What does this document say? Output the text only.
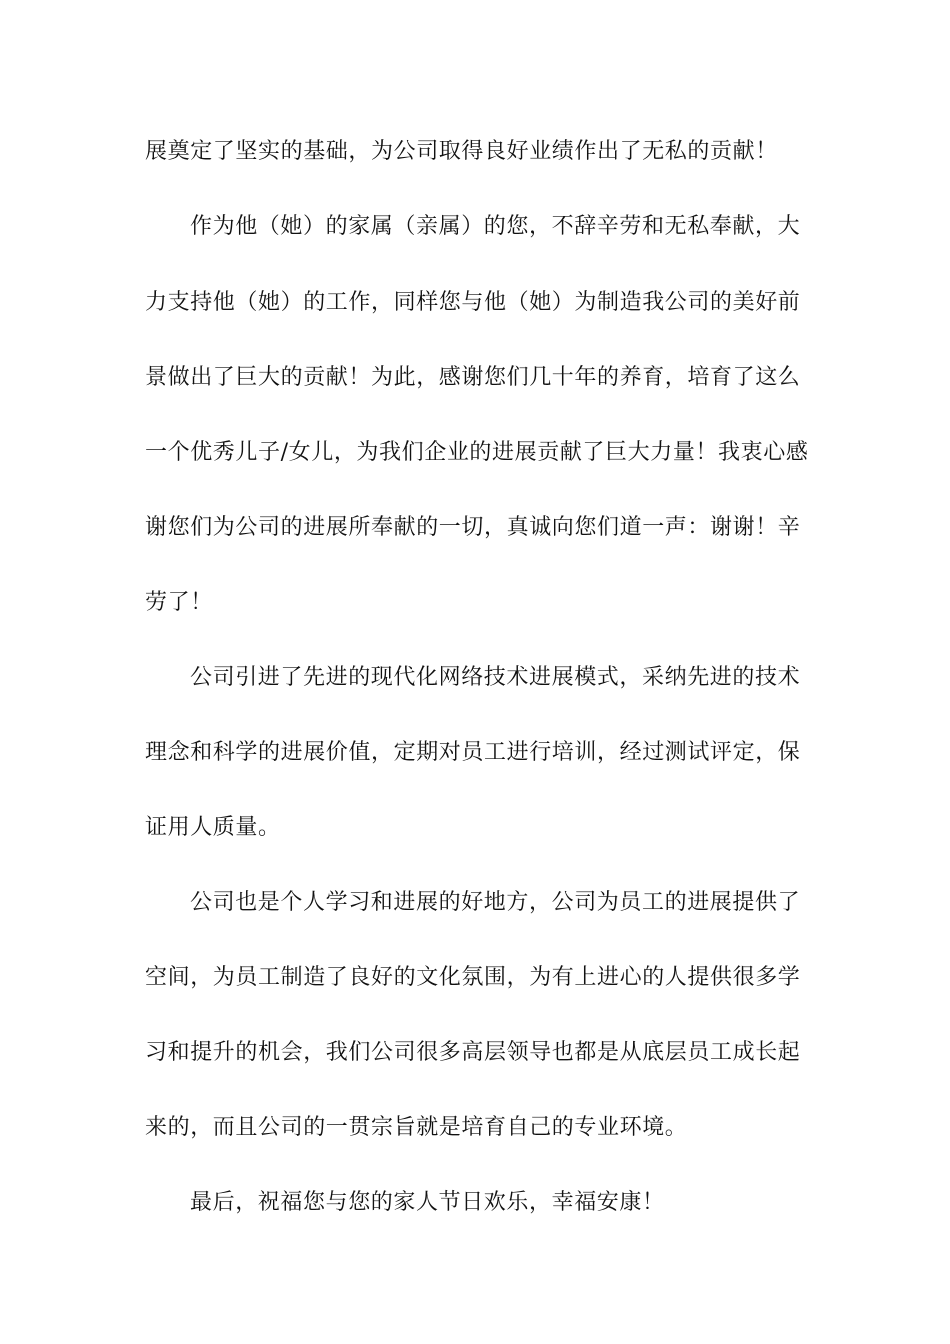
展奠定了坚实的基础，为公司取得良好业绩作出了无私的贡献！
作为他（她）的家属（亲属）的您，不辞辛劳和无私奉献，大
力支持他（她）的工作，同样您与他（她）为制造我公司的美好前
景做出了巨大的贡献！为此，感谢您们几十年的养育，培育了这么
一个优秀儿子/女儿，为我们企业的进展贡献了巨大力量！我衷心感
谢您们为公司的进展所奉献的一切，真诚向您们道一声：谢谢！辛
劳了！
公司引进了先进的现代化网络技术进展模式，采纳先进的技术
理念和科学的进展价值，定期对员工进行培训，经过测试评定，保
证用人质量。
公司也是个人学习和进展的好地方，公司为员工的进展提供了
空间，为员工制造了良好的文化氛围，为有上进心的人提供很多学
习和提升的机会，我们公司很多高层领导也都是从底层员工成长起
来的，而且公司的一贯宗旨就是培育自己的专业环境。
最后，祝福您与您的家人节日欢乐，幸福安康！
